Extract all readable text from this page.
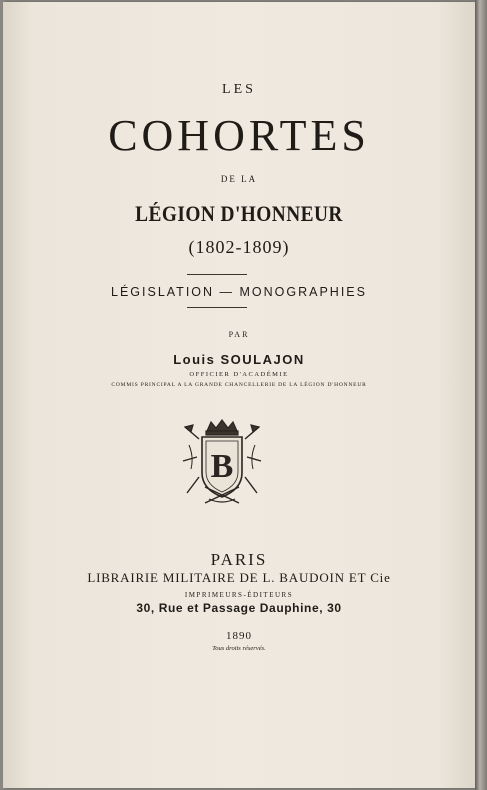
LES
COHORTES
DE LA
LÉGION D'HONNEUR
(1802-1809)
LÉGISLATION — MONOGRAPHIES
PAR
Louis SOULAJON
OFFICIER D'ACADÉMIE
COMMIS PRINCIPAL A LA GRANDE CHANCELLERIE DE LA LÉGION D'HONNEUR
B
PARIS
LIBRAIRIE MILITAIRE DE L. BAUDOIN ET Cie
IMPRIMEURS-ÉDITEURS
30, Rue et Passage Dauphine, 30
1890
Tous droits réservés.
